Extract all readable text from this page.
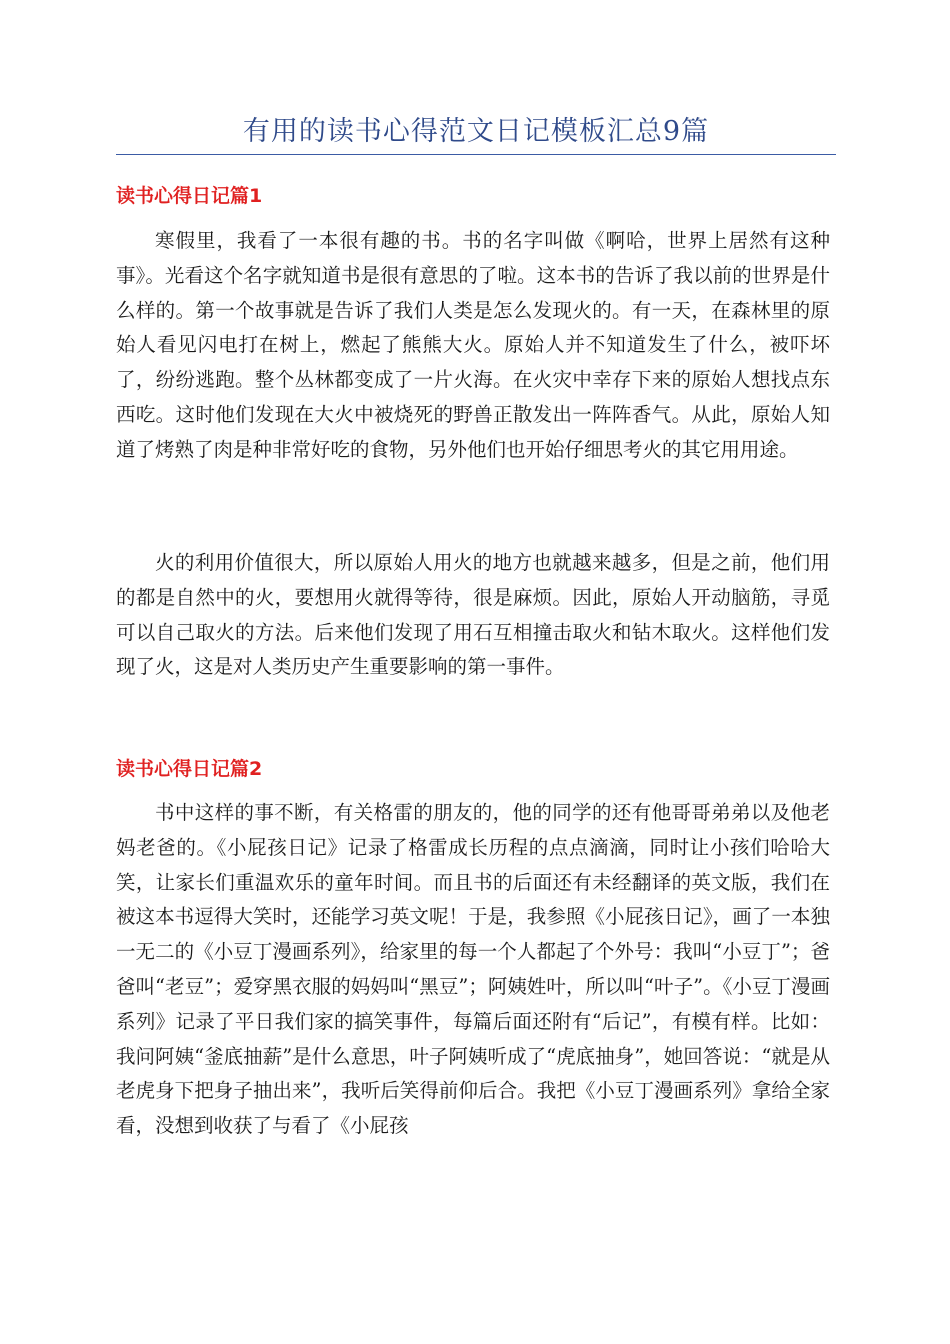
有用的读书心得范文日记模板汇总9篇
读书心得日记篇1

寒假里，我看了一本很有趣的书。书的名字叫做《啊哈，世界上居然有这种事》。光看这个名字就知道书是很有意思的了啦。这本书的告诉了我以前的世界是什么样的。第一个故事就是告诉了我们人类是怎么发现火的。有一天，在森林里的原始人看见闪电打在树上，燃起了熊熊大火。原始人并不知道发生了什么，被吓坏了，纷纷逃跑。整个丛林都变成了一片火海。在火灾中幸存下来的原始人想找点东西吃。这时他们发现在大火中被烧死的野兽正散发出一阵阵香气。从此，原始人知道了烤熟了肉是种非常好吃的食物，另外他们也开始仔细思考火的其它用用途。

火的利用价值很大，所以原始人用火的地方也就越来越多，但是之前，他们用的都是自然中的火，要想用火就得等待，很是麻烦。因此，原始人开动脑筋，寻觅可以自己取火的方法。后来他们发现了用石互相撞击取火和钻木取火。这样他们发现了火，这是对人类历史产生重要影响的第一事件。

读书心得日记篇2

书中这样的事不断，有关格雷的朋友的，他的同学的还有他哥哥弟弟以及他老妈老爸的。《小屁孩日记》记录了格雷成长历程的点点滴滴，同时让小孩们哈哈大笑，让家长们重温欢乐的童年时间。而且书的后面还有未经翻译的英文版，我们在被这本书逗得大笑时，还能学习英文呢！于是，我参照《小屁孩日记》，画了一本独一无二的《小豆丁漫画系列》，给家里的每一个人都起了个外号：我叫“小豆丁”；爸爸叫“老豆”；爱穿黑衣服的妈妈叫“黑豆”；阿姨姓叶，所以叫“叶子”。《小豆丁漫画系列》记录了平日我们家的搞笑事件，每篇后面还附有“后记”，有模有样。比如：我问阿姨“釜底抽薪”是什么意思，叶子阿姨听成了“虎底抽身”，她回答说：“就是从老虎身下把身子抽出来”，我听后笑得前仰后合。我把《小豆丁漫画系列》拿给全家看，没想到收获了与看了《小屁孩
